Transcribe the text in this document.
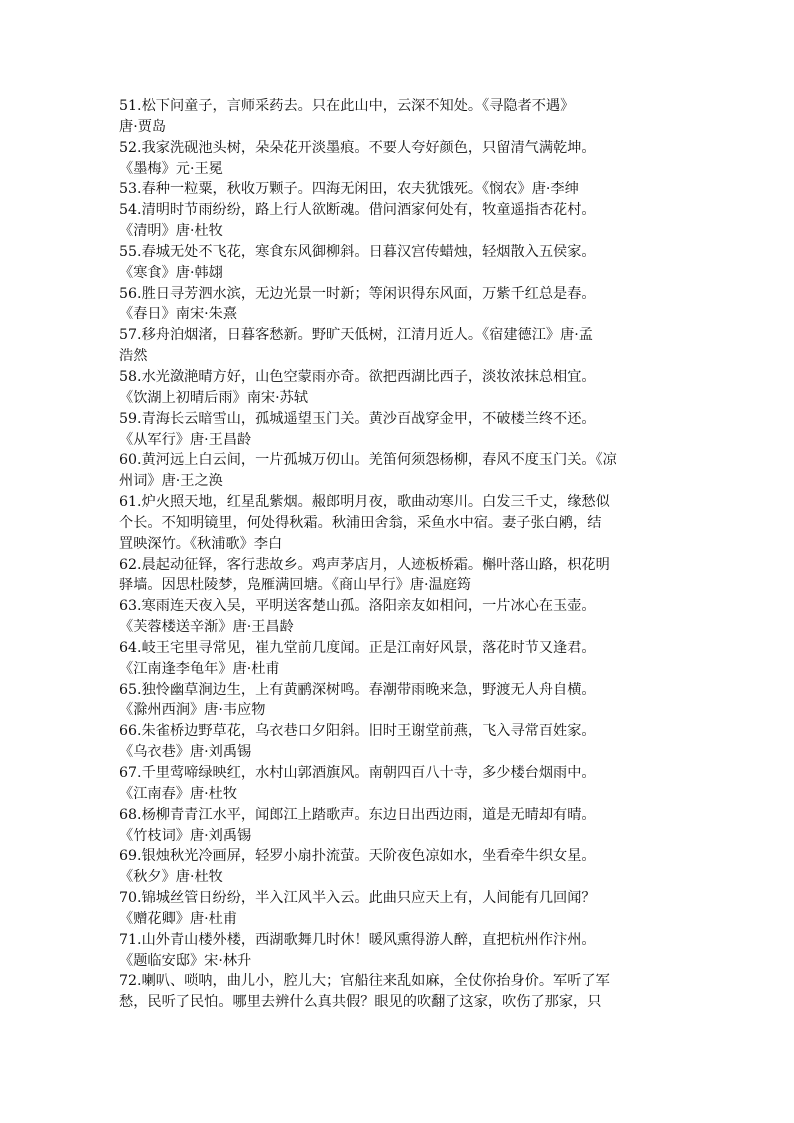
51.松下问童子，言师采药去。只在此山中，云深不知处。《寻隐者不遇》
唐·贾岛
52.我家洗砚池头树，朵朵花开淡墨痕。不要人夸好颜色，只留清气满乾坤。
《墨梅》元·王冕
53.春种一粒粟，秋收万颗子。四海无闲田，农夫犹饿死。《悯农》唐·李绅
54.清明时节雨纷纷，路上行人欲断魂。借问酒家何处有，牧童遥指杏花村。
《清明》唐·杜牧
55.春城无处不飞花，寒食东风御柳斜。日暮汉宫传蜡烛，轻烟散入五侯家。
《寒食》唐·韩翃
56.胜日寻芳泗水滨，无边光景一时新；等闲识得东风面，万紫千红总是春。
《春日》南宋·朱熹
57.移舟泊烟渚，日暮客愁新。野旷天低树，江清月近人。《宿建德江》唐·孟
浩然
58.水光潋滟晴方好，山色空蒙雨亦奇。欲把西湖比西子，淡妆浓抹总相宜。
《饮湖上初晴后雨》南宋·苏轼
59.青海长云暗雪山，孤城遥望玉门关。黄沙百战穿金甲，不破楼兰终不还。
《从军行》唐·王昌龄
60.黄河远上白云间，一片孤城万仞山。羌笛何须怨杨柳，春风不度玉门关。《凉
州词》唐·王之涣
61.炉火照天地，红星乱紫烟。赧郎明月夜，歌曲动寒川。白发三千丈，缘愁似
个长。不知明镜里，何处得秋霜。秋浦田舍翁，采鱼水中宿。妻子张白鹇，结
罝映深竹。《秋浦歌》李白
62.晨起动征铎，客行悲故乡。鸡声茅店月，人迹板桥霜。槲叶落山路，枳花明
驿墙。因思杜陵梦，凫雁满回塘。《商山早行》唐·温庭筠
63.寒雨连天夜入吴，平明送客楚山孤。洛阳亲友如相问，一片冰心在玉壶。
《芙蓉楼送辛渐》唐·王昌龄
64.岐王宅里寻常见，崔九堂前几度闻。正是江南好风景，落花时节又逢君。
《江南逢李龟年》唐·杜甫
65.独怜幽草涧边生，上有黄鹂深树鸣。春潮带雨晚来急，野渡无人舟自横。
《滁州西涧》唐·韦应物
66.朱雀桥边野草花，乌衣巷口夕阳斜。旧时王谢堂前燕，飞入寻常百姓家。
《乌衣巷》唐·刘禹锡
67.千里莺啼绿映红，水村山郭酒旗风。南朝四百八十寺，多少楼台烟雨中。
《江南春》唐·杜牧
68.杨柳青青江水平，闻郎江上踏歌声。东边日出西边雨，道是无晴却有晴。
《竹枝词》唐·刘禹锡
69.银烛秋光冷画屏，轻罗小扇扑流萤。天阶夜色凉如水，坐看牵牛织女星。
《秋夕》唐·杜牧
70.锦城丝管日纷纷，半入江风半入云。此曲只应天上有，人间能有几回闻？
《赠花卿》唐·杜甫
71.山外青山楼外楼，西湖歌舞几时休！暖风熏得游人醉，直把杭州作汴州。
《题临安邸》宋·林升
72.喇叭、唢呐，曲儿小，腔儿大；官船往来乱如麻，全仗你抬身价。军听了军
愁，民听了民怕。哪里去辨什么真共假？眼见的吹翻了这家，吹伤了那家，只
